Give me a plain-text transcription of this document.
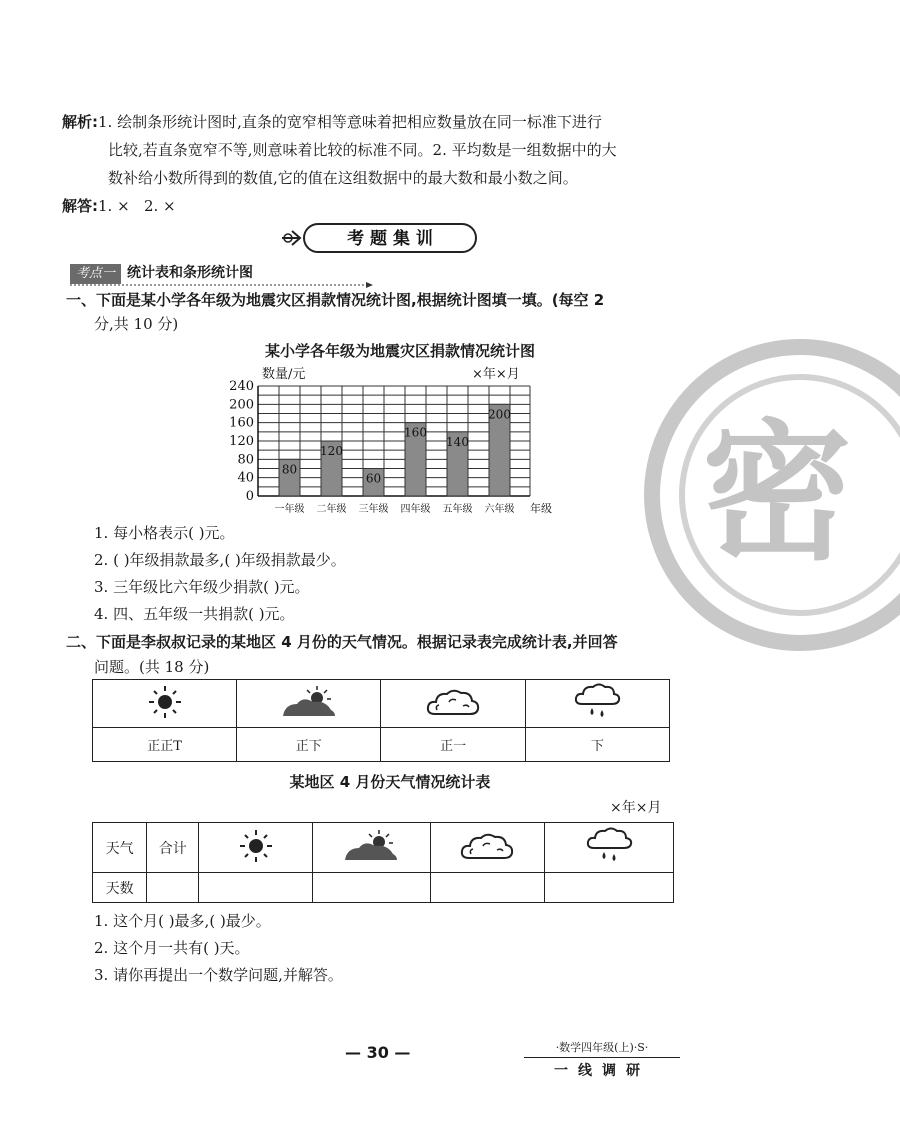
密
解析:1. 绘制条形统计图时,直条的宽窄相等意味着把相应数量放在同一标准下进行
比较,若直条宽窄不等,则意味着比较的标准不同。2. 平均数是一组数据中的大
数补给小数所得到的数值,它的值在这组数据中的最大数和最小数之间。
解答:1. ×   2. ×
考 题 集 训
考点一 统计表和条形统计图
一、下面是某小学各年级为地震灾区捐款情况统计图,根据统计图填一填。(每空 2
分,共 10 分)
某小学各年级为地震灾区捐款情况统计图
0
40
80
120
160
200
240
80
一年级
120
二年级
60
三年级
160
四年级
140
五年级
200
六年级
数量/元	×年×月
年级
1. 每小格表示( )元。
2. ( )年级捐款最多,( )年级捐款最少。
3. 三年级比六年级少捐款( )元。
4. 四、五年级一共捐款( )元。
二、下面是李叔叔记录的某地区 4 月份的天气情况。根据记录表完成统计表,并回答
问题。(共 18 分)

正正T	正下	正一	下
某地区 4 月份天气情况统计表
×年×月
天气	合计				
天数					
1. 这个月( )最多,( )最少。
2. 这个月一共有( )天。
3. 请你再提出一个数学问题,并解答。
— 30 —	·数学四年级(上)·S·
一线调研
